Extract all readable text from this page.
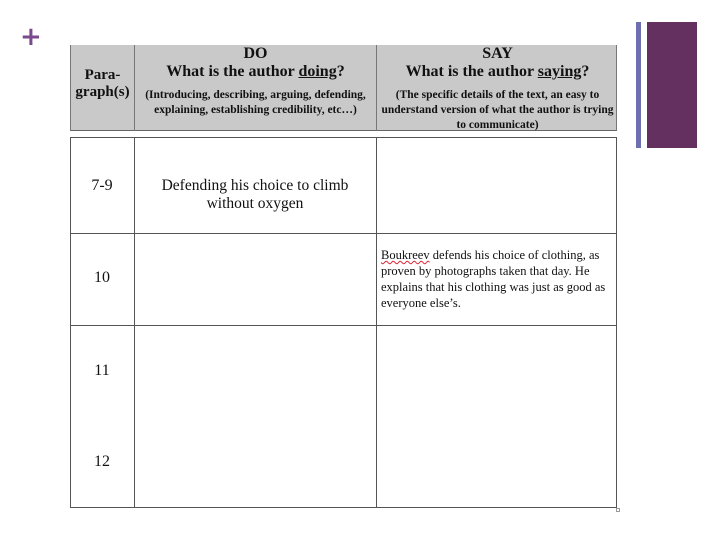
+
Para-
graph(s)
DO
What is the author doing?
(Introducing, describing, arguing, defending, explaining, establishing credibility, etc…)
SAY
What is the author saying?
(The specific details of the text, an easy to understand version of what the author is trying to communicate)
7-9	Defending his choice to climb
without oxygen
10
Boukreev defends his choice of clothing, as proven by photographs taken that day. He explains that his clothing was just as good as everyone else’s.
11
12
